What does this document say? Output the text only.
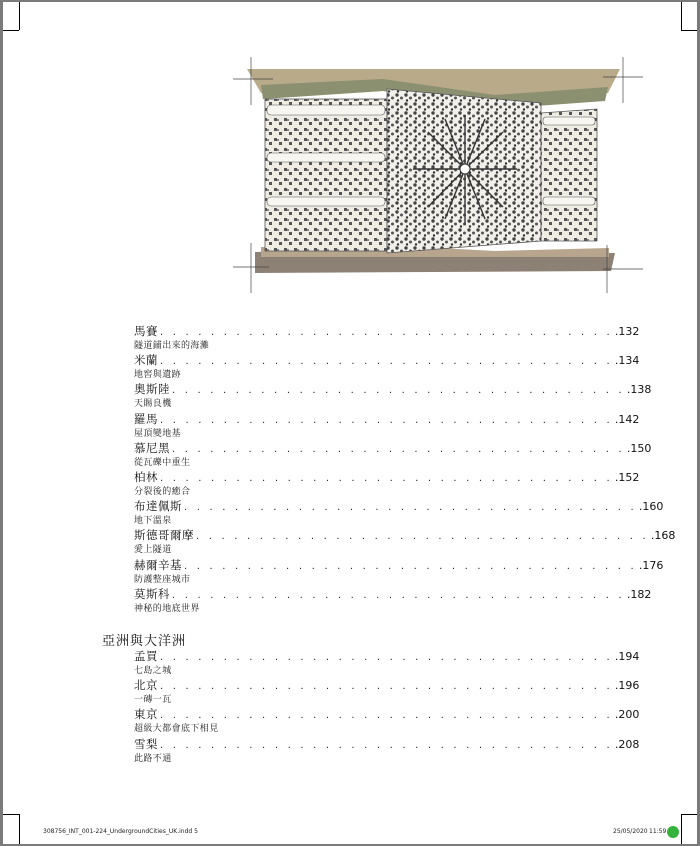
馬賽 . . . . . . . . . . . . . . . . . . . . . . . . . . . . . . . . . . . . .132
隧道鋪出來的海灘
米蘭 . . . . . . . . . . . . . . . . . . . . . . . . . . . . . . . . . . . . .134
地窖與遺跡
奧斯陸 . . . . . . . . . . . . . . . . . . . . . . . . . . . . . . . . . . . . .138
天賜良機
羅馬 . . . . . . . . . . . . . . . . . . . . . . . . . . . . . . . . . . . . .142
屋頂變地基
慕尼黑 . . . . . . . . . . . . . . . . . . . . . . . . . . . . . . . . . . . . .150
從瓦礫中重生
柏林 . . . . . . . . . . . . . . . . . . . . . . . . . . . . . . . . . . . . .152
分裂後的癒合
布達佩斯 . . . . . . . . . . . . . . . . . . . . . . . . . . . . . . . . . . . . .160
地下溫泉
斯德哥爾摩 . . . . . . . . . . . . . . . . . . . . . . . . . . . . . . . . . . . . .168
愛上隧道
赫爾辛基 . . . . . . . . . . . . . . . . . . . . . . . . . . . . . . . . . . . . .176
防護整座城市
莫斯科 . . . . . . . . . . . . . . . . . . . . . . . . . . . . . . . . . . . . .182
神秘的地底世界
亞洲與大洋洲
孟買 . . . . . . . . . . . . . . . . . . . . . . . . . . . . . . . . . . . . .194
七島之城
北京 . . . . . . . . . . . . . . . . . . . . . . . . . . . . . . . . . . . . .196
一磚一瓦
東京 . . . . . . . . . . . . . . . . . . . . . . . . . . . . . . . . . . . . .200
超級大都會底下相見
雪梨 . . . . . . . . . . . . . . . . . . . . . . . . . . . . . . . . . . . . .208
此路不通
308756_INT_001-224_UndergroundCities_UK.indd 5	25/05/2020 11:59
